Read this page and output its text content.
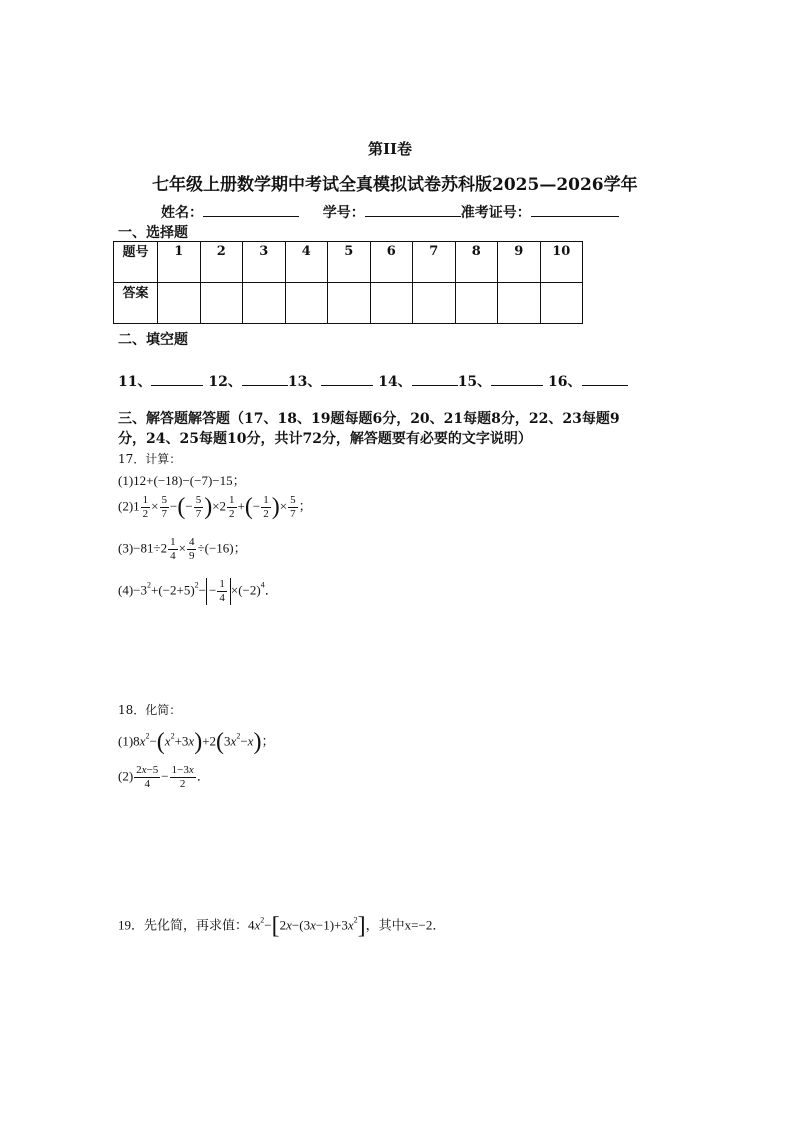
第II卷
七年级上册数学期中考试全真模拟试卷苏科版2025—2026学年
姓名：	学号：	准考证号：
一、选择题
题号	1	2	3	4	5	6	7	8	9	10
答案										
二、填空题
11、	12、	13、	14、	15、	16、
三、解答题解答题（17、18、19题每题6分，20、21每题8分，22、23每题9
分，24、25每题10分，共计72分，解答题要有必要的文字说明）
17．计算：
(1)12+(−18)−(−7)−15；
$(2)1 \frac{1}{2} \times \frac{5}{7}$ −(− $\frac{5}{7} )\times 2 \frac{1}{2}$ +(− $\frac{1}{2}$ )× $\frac{5}{7}$ ；
$(3)-81\div 2 \frac{1}{4} \times \frac{4}{9} \div(-16)$；
$(4)-3^2+(-2+5)^2- - \frac{1}{4} \times(-2)^4$．
18．化简：
$(1)8x^2-(x^2+3x)+2(3x^2-x)$；
$(2) \frac{2x-5}{4} - \frac{1-3x}{2}$ ．
19．先化简，再求值：$4x^2-[2x-(3x-1)+3x^2]$，其中x=−2．
